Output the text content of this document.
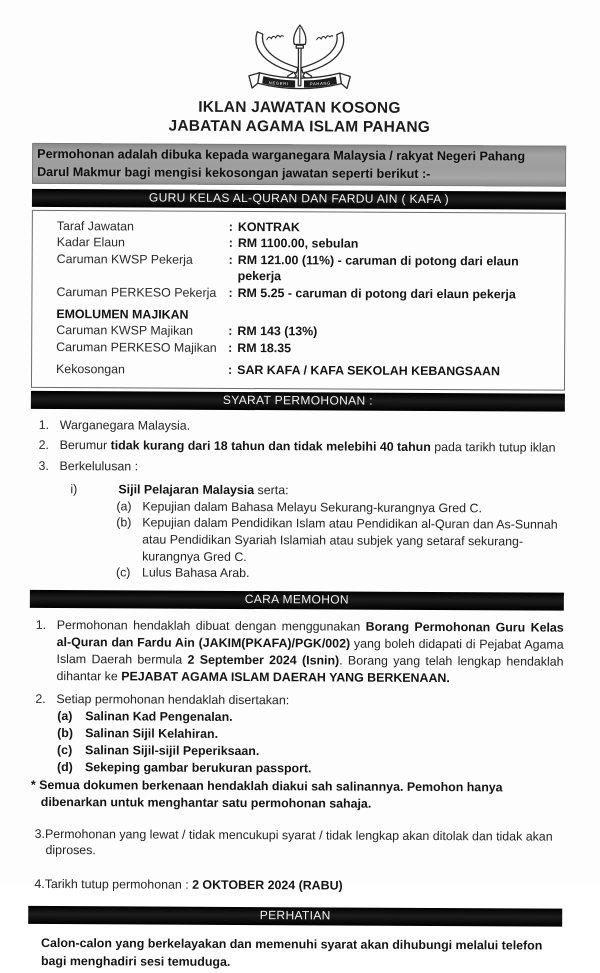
NEGERI	PAHANG
IKLAN JAWATAN KOSONG
JABATAN AGAMA ISLAM PAHANG
Permohonan adalah dibuka kepada warganegara Malaysia / rakyat Negeri Pahang Darul Makmur bagi mengisi kekosongan jawatan seperti berikut :-
GURU KELAS AL-QURAN DAN FARDU AIN ( KAFA )
Taraf Jawatan	: KONTRAK
Kadar Elaun	: RM 1100.00, sebulan
Caruman KWSP Pekerja	: RM 121.00 (11%) - caruman di potong dari elaun pekerja
Caruman PERKESO Pekerja : RM 5.25 - caruman di potong dari elaun pekerja
EMOLUMEN MAJIKAN
Caruman KWSP Majikan	: RM 143 (13%)
Caruman PERKESO Majikan : RM 18.35
Kekosongan	: SAR KAFA / KAFA SEKOLAH KEBANGSAAN
SYARAT PERMOHONAN :
1. Warganegara Malaysia.
2. Berumur tidak kurang dari 18 tahun dan tidak melebihi 40 tahun pada tarikh tutup iklan
3. Berkelulusan :
i)	Sijil Pelajaran Malaysia serta:
(a) Kepujian dalam Bahasa Melayu Sekurang-kurangnya Gred C.
(b) Kepujian dalam Pendidikan Islam atau Pendidikan al-Quran dan As-Sunnah atau Pendidikan Syariah Islamiah atau subjek yang setaraf sekurang-kurangnya Gred C.
(c) Lulus Bahasa Arab.
CARA MEMOHON
1. Permohonan hendaklah dibuat dengan menggunakan Borang Permohonan Guru Kelas al-Quran dan Fardu Ain (JAKIM(PKAFA)/PGK/002) yang boleh didapati di Pejabat Agama Islam Daerah bermula 2 September 2024 (Isnin). Borang yang telah lengkap hendaklah dihantar ke PEJABAT AGAMA ISLAM DAERAH YANG BERKENAAN.
2. Setiap permohonan hendaklah disertakan:
(a)	Salinan Kad Pengenalan.
(b) Salinan Sijil Kelahiran.
(c)	Salinan Sijil-sijil Peperiksaan.
(d) Sekeping gambar berukuran passport.
* Semua dokumen berkenaan hendaklah diakui sah salinannya. Pemohon hanya dibenarkan untuk menghantar satu permohonan sahaja.
3.Permohonan yang lewat / tidak mencukupi syarat / tidak lengkap akan ditolak dan tidak akan diproses.
4.Tarikh tutup permohonan : 2 OKTOBER 2024 (RABU)
PERHATIAN
Calon-calon yang berkelayakan dan memenuhi syarat akan dihubungi melalui telefon bagi menghadiri sesi temuduga.
